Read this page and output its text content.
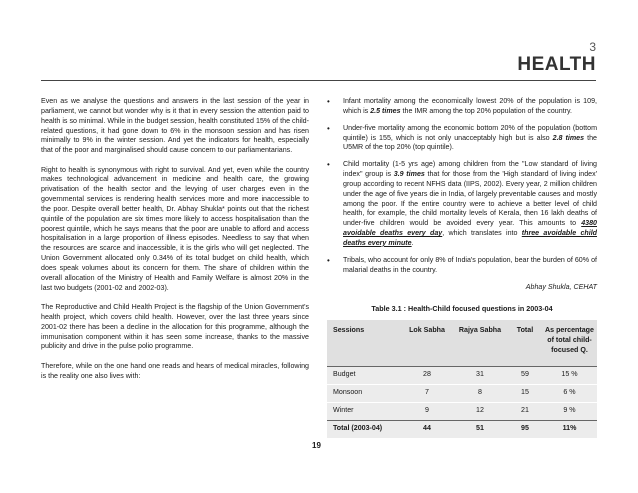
3
HEALTH

Even as we analyse the questions and answers in the last session of the year in parliament, we cannot but wonder why is it that in every session the attention paid to health is so minimal. While in the budget session, health constituted 15% of the child-related questions, it had gone down to 6% in the monsoon session and has risen minimally to 9% in the winter session. And yet the indicators for health, especially that of the poor and marginalised should cause concern to our parliamentarians.

Right to health is synonymous with right to survival. And yet, even while the country makes technological advancement in medicine and health care, the growing privatisation of the health sector and the levying of user charges even in the governmental services is rendering health services more and more inaccessible to the poor. Despite overall better health, Dr. Abhay Shukla* points out that the richest quintile of the population are six times more likely to access hospitalisation than the poorest quintile, which he says means that the poor are unable to afford and access hospitalisation in a large proportion of illness episodes. Needless to say that when the resources are scarce and inaccessible, it is the girls who will get neglected. The Union Government allocated only 0.34% of its total budget on child health, which does speak volumes about its concern for them. The share of children within the overall allocation of the Ministry of Health and Family Welfare is almost 20% in the last two budgets (2001-02 and 2002-03).

The Reproductive and Child Health Project is the flagship of the Union Government's health project, which covers child health. However, over the last three years since 2001-02 there has been a decline in the allocation for this programme, although the immunisation component within it has seen some increase, thanks to the massive publicity and drive in the pulse polio programme.

Therefore, while on the one hand one reads and hears of medical miracles, following is the reality one also lives with:

• Infant mortality among the economically lowest 20% of the population is 109, which is 2.5 times the IMR among the top 20% population of the country.
• Under-five mortality among the economic bottom 20% of the population (bottom quintile) is 155, which is not only unacceptably high but is also 2.8 times the U5MR of the top 20% (top quintile).
• Child mortality (1-5 yrs age) among children from the "Low standard of living index" group is 3.9 times that for those from the 'High standard of living index' group according to recent NFHS data (IIPS, 2002). Every year, 2 million children under the age of five years die in India, of largely preventable causes and mostly among the poor. If the entire country were to achieve a better level of child health, for example, the child mortality levels of Kerala, then 16 lakh deaths of under-five children would be avoided every year. This amounts to 4380 avoidable deaths every day, which translates into three avoidable child deaths every minute.
• Tribals, who account for only 8% of India's population, bear the burden of 60% of malarial deaths in the country.
Abhay Shukla, CEHAT
Table 3.1 : Health-Child focused questions in 2003-04
Sessions	Lok Sabha	Rajya Sabha	Total	As percentage of total child-focused Q.
Budget	28	31	59	15 %
Monsoon	7	8	15	6 %
Winter	9	12	21	9 %
Total (2003-04)	44	51	95	11%
19
